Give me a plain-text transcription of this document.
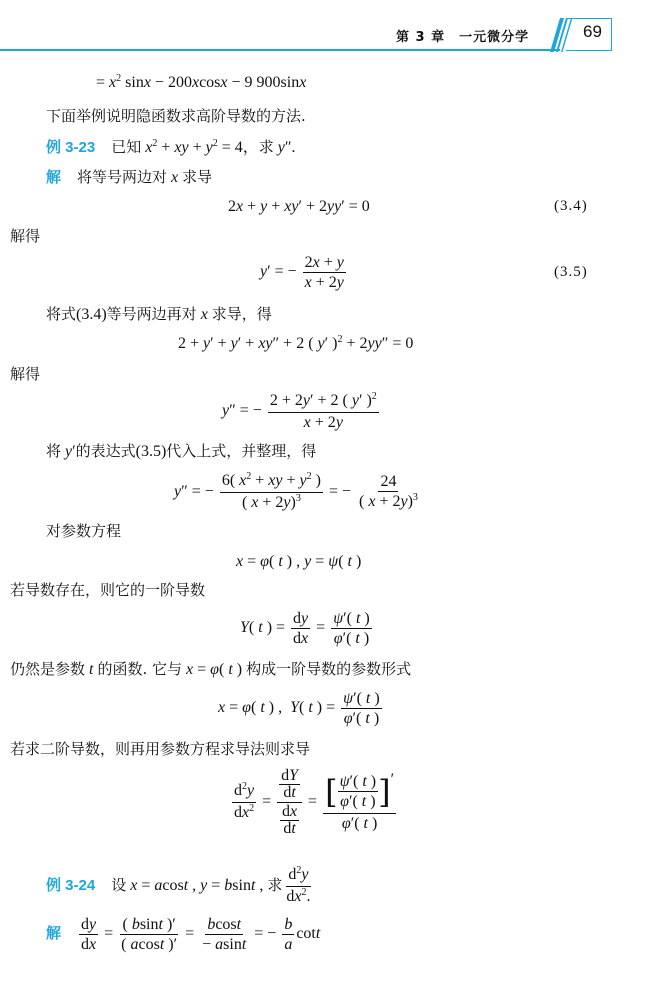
第 3 章　一元微分学	69
= $x^2$ sinx − 200xcosx − 9 900sinx
下面举例说明隐函数求高阶导数的方法.
例 3-23 已知 $x^2$ + xy + $y^2 = 4$，求 y″.
解 将等号两边对 x 求导
2x + y + xy′ + 2yy′ = 0	(3.4)
解得
y′ = − $\frac{2x + y}{x + 2y}$	(3.5)
将式(3.4)等号两边再对 x 求导，得
2 + y′ + y′ + xy″ + 2 ( y′ )$^2$ + 2yy″ = 0
解得
y″ = − $\frac{2 + 2y' + 2 ( y' )^2}{x + 2y}$
将 y′的表达式(3.5)代入上式，并整理，得
y″ = − $\frac{6( x^2 + xy + y^2 )}{( x + 2y)^3}$ = − $\frac{24}{( x + 2y)^3}$
对参数方程
x = φ( t ) , y = ψ( t )
若导数存在，则它的一阶导数
Y( t ) = $\frac{dy}{dx} = \frac{\psi'( t )}{\varphi'( t )}$
仍然是参数 t 的函数. 它与 x = φ( t ) 构成一阶导数的参数形式
x = φ( t ) ,  Y( t ) = $\frac{\psi'( t )}{\varphi'( t )}$
若求二阶导数，则再用参数方程求导法则求导
$\frac{d^2y}{dx^2}$ = dY
dt
dx
dt = [ $\frac{\psi'( t )}{\varphi'( t )}$ ] ′
φ′( t )
例 3-24 设 x = acost , y = bsint , 求 $\frac{d^2y}{dx^2.}$
解 $\frac{dy}{dx} = \frac{( bsint )'}{( acost )'} = \frac{bcost}{- asint}$ = − $\frac{b}{a}$ cott
